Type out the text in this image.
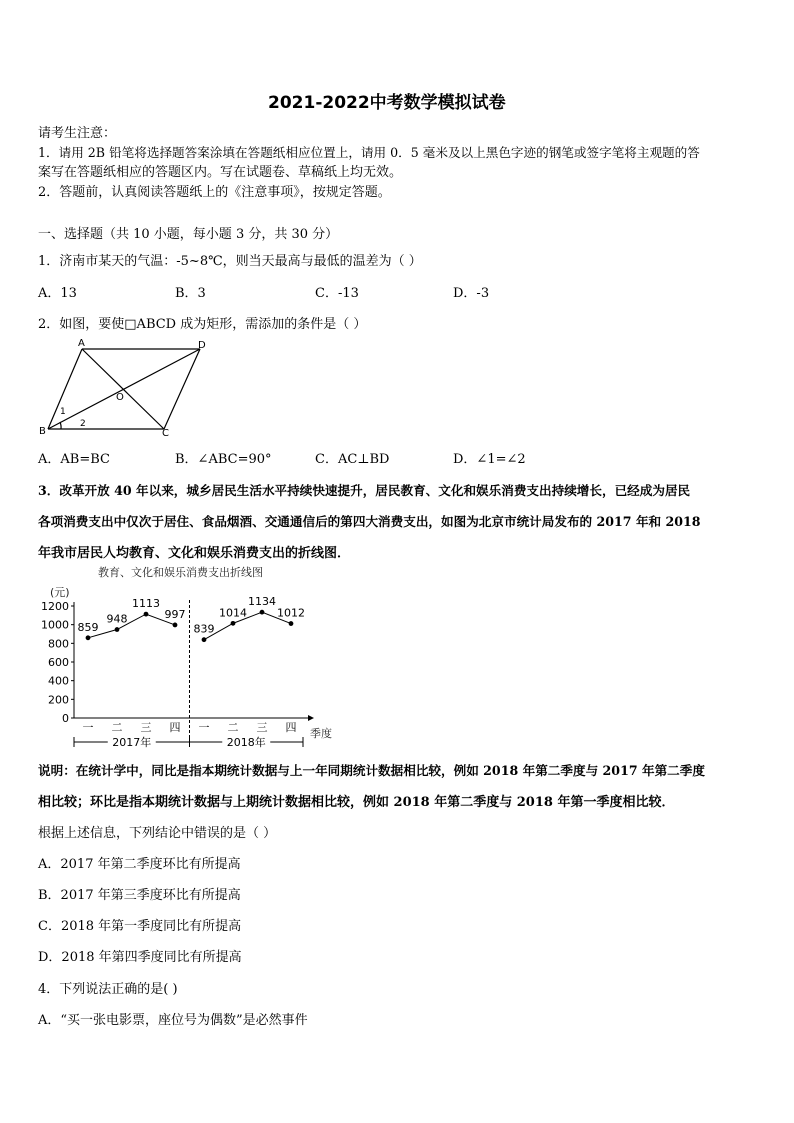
2021-2022中考数学模拟试卷
请考生注意：
1．请用 2B 铅笔将选择题答案涂填在答题纸相应位置上，请用 0．5 毫米及以上黑色字迹的钢笔或签字笔将主观题的答
案写在答题纸相应的答题区内。写在试题卷、草稿纸上均无效。
2．答题前，认真阅读答题纸上的《注意事项》，按规定答题。
一、选择题（共 10 小题，每小题 3 分，共 30 分）
1．济南市某天的气温：-5~8℃，则当天最高与最低的温差为（ ）
A．13	B．3	C．-13	D．-3
2．如图，要使□ABCD 成为矩形，需添加的条件是（ ）
A	D
B	C
O
1
2
A．AB=BC	B．∠ABC=90°	C．AC⊥BD	D．∠1=∠2
3．改革开放 40 年以来，城乡居民生活水平持续快速提升，居民教育、文化和娱乐消费支出持续增长，已经成为居民
各项消费支出中仅次于居住、食品烟酒、交通通信后的第四大消费支出，如图为北京市统计局发布的 2017 年和 2018
年我市居民人均教育、文化和娱乐消费支出的折线图．
教育、文化和娱乐消费支出折线图
(元)
季度
0
200
400
600
800
1000
1200
一 二 三 四 一 二 三 四
2017年	2018年
859
948
1113
997
839
1014
1134
1012
说明：在统计学中，同比是指本期统计数据与上一年同期统计数据相比较，例如 2018 年第二季度与 2017 年第二季度
相比较；环比是指本期统计数据与上期统计数据相比较，例如 2018 年第二季度与 2018 年第一季度相比较．
根据上述信息，下列结论中错误的是（ ）
A．2017 年第二季度环比有所提高
B．2017 年第三季度环比有所提高
C．2018 年第一季度同比有所提高
D．2018 年第四季度同比有所提高
4．下列说法正确的是( )
A．“买一张电影票，座位号为偶数”是必然事件
